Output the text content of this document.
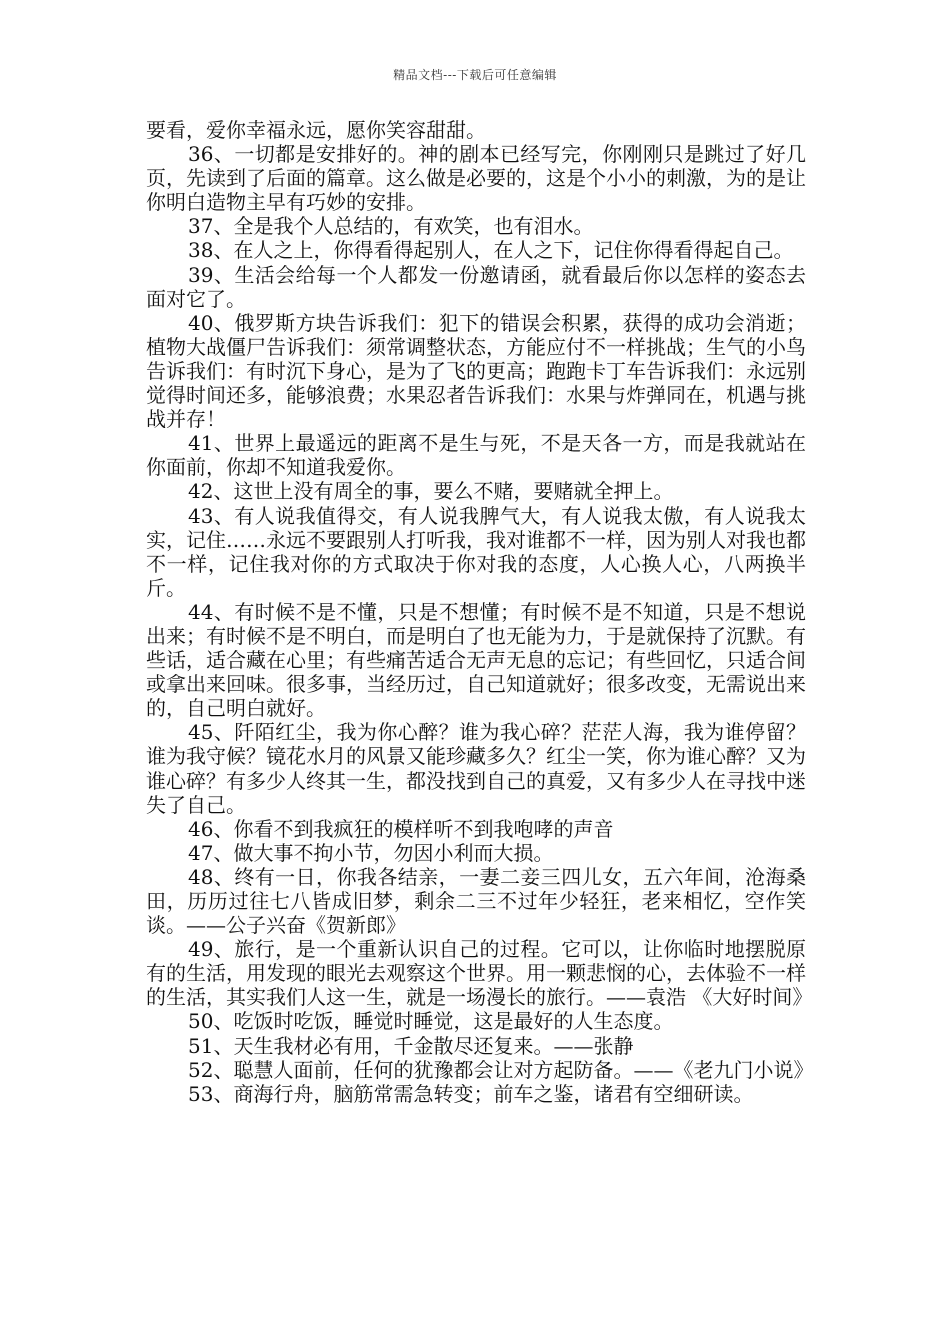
精品文档---下载后可任意编辑

要看，爱你幸福永远，愿你笑容甜甜。

36、一切都是安排好的。神的剧本已经写完，你刚刚只是跳过了好几页，先读到了后面的篇章。这么做是必要的，这是个小小的刺激，为的是让你明白造物主早有巧妙的安排。

37、全是我个人总结的，有欢笑，也有泪水。

38、在人之上，你得看得起别人，在人之下，记住你得看得起自己。

39、生活会给每一个人都发一份邀请函，就看最后你以怎样的姿态去面对它了。

40、俄罗斯方块告诉我们：犯下的错误会积累，获得的成功会消逝；植物大战僵尸告诉我们：须常调整状态，方能应付不一样挑战；生气的小鸟告诉我们：有时沉下身心，是为了飞的更高；跑跑卡丁车告诉我们：永远别觉得时间还多，能够浪费；水果忍者告诉我们：水果与炸弹同在，机遇与挑战并存！

41、世界上最遥远的距离不是生与死，不是天各一方，而是我就站在你面前，你却不知道我爱你。

42、这世上没有周全的事，要么不赌，要赌就全押上。

43、有人说我值得交，有人说我脾气大，有人说我太傲，有人说我太实，记住……永远不要跟别人打听我，我对谁都不一样，因为别人对我也都不一样，记住我对你的方式取决于你对我的态度，人心换人心，八两换半斤。

44、有时候不是不懂，只是不想懂；有时候不是不知道，只是不想说出来；有时候不是不明白，而是明白了也无能为力，于是就保持了沉默。有些话，适合藏在心里；有些痛苦适合无声无息的忘记；有些回忆，只适合间或拿出来回味。很多事，当经历过，自己知道就好；很多改变，无需说出来的，自己明白就好。

45、阡陌红尘，我为你心醉？谁为我心碎？茫茫人海，我为谁停留？谁为我守候？镜花水月的风景又能珍藏多久？红尘一笑，你为谁心醉？又为谁心碎？有多少人终其一生，都没找到自己的真爱，又有多少人在寻找中迷失了自己。

46、你看不到我疯狂的模样听不到我咆哮的声音

47、做大事不拘小节，勿因小利而大损。

48、终有一日，你我各结亲，一妻二妾三四儿女，五六年间，沧海桑田，历历过往七八皆成旧梦，剩余二三不过年少轻狂，老来相忆，空作笑谈。——公子兴奋《贺新郎》

49、旅行，是一个重新认识自己的过程。它可以，让你临时地摆脱原有的生活，用发现的眼光去观察这个世界。用一颗悲悯的心，去体验不一样的生活，其实我们人这一生，就是一场漫长的旅行。——袁浩 《大好时间》

50、吃饭时吃饭，睡觉时睡觉，这是最好的人生态度。

51、天生我材必有用，千金散尽还复来。——张静

52、聪慧人面前，任何的犹豫都会让对方起防备。——《老九门小说》

53、商海行舟，脑筋常需急转变；前车之鉴，诸君有空细研读。
